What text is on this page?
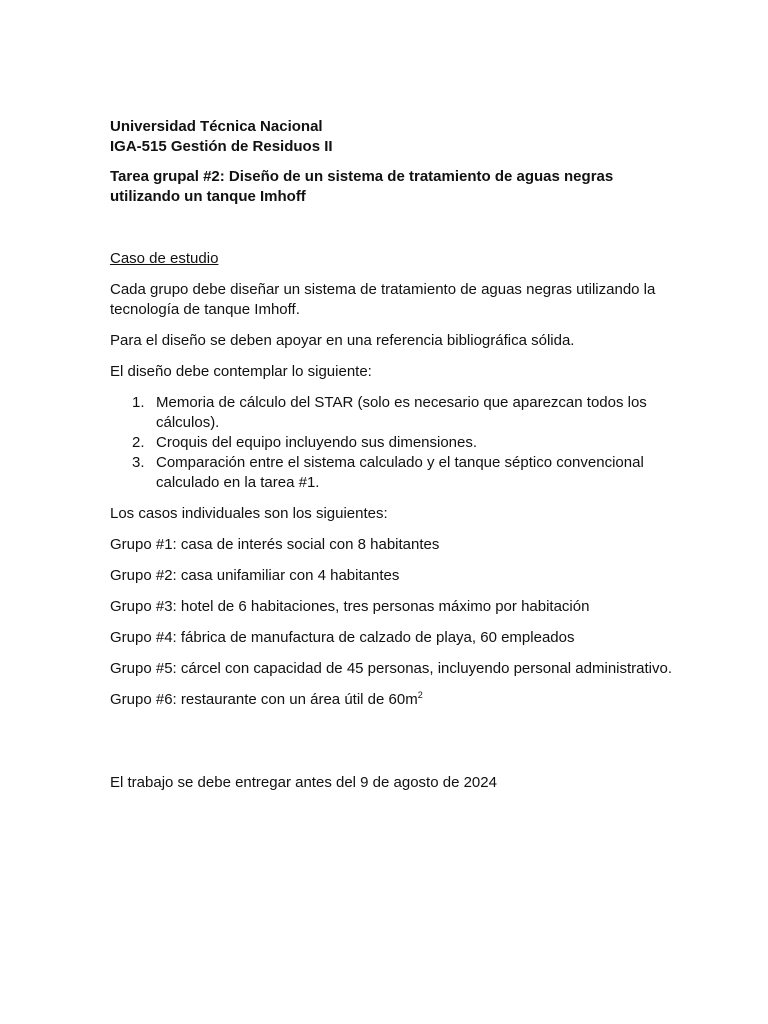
Universidad Técnica Nacional
IGA-515 Gestión de Residuos II
Tarea grupal #2: Diseño de un sistema de tratamiento de aguas negras utilizando un tanque Imhoff
Caso de estudio

Cada grupo debe diseñar un sistema de tratamiento de aguas negras utilizando la tecnología de tanque Imhoff.

Para el diseño se deben apoyar en una referencia bibliográfica sólida.

El diseño debe contemplar lo siguiente:

1. Memoria de cálculo del STAR (solo es necesario que aparezcan todos los cálculos).
2. Croquis del equipo incluyendo sus dimensiones.
3. Comparación entre el sistema calculado y el tanque séptico convencional calculado en la tarea #1.

Los casos individuales son los siguientes:

Grupo #1: casa de interés social con 8 habitantes
Grupo #2: casa unifamiliar con 4 habitantes
Grupo #3: hotel de 6 habitaciones, tres personas máximo por habitación
Grupo #4: fábrica de manufactura de calzado de playa, 60 empleados
Grupo #5: cárcel con capacidad de 45 personas, incluyendo personal administrativo.
Grupo #6: restaurante con un área útil de $60m^2$
El trabajo se debe entregar antes del 9 de agosto de 2024
